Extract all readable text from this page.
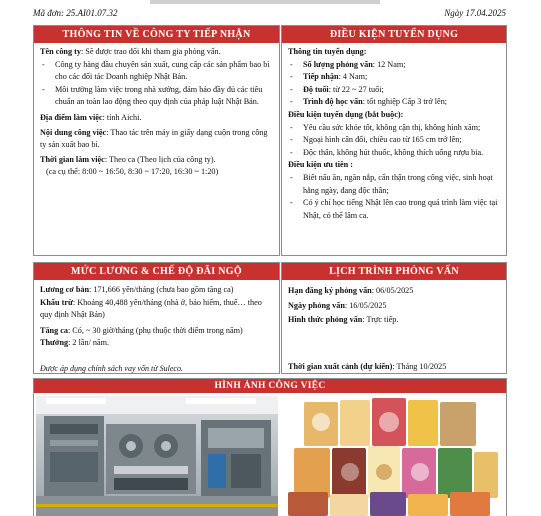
Mã đơn: 25.AI01.07.32	Ngày 17.04.2025
THÔNG TIN VỀ CÔNG TY TIẾP NHẬN

Tên công ty: Sẽ được trao đổi khi tham gia phỏng vấn.

- Công ty hàng đầu chuyên sản xuất, cung cấp các sản phẩm bao bì cho các đối tác Doanh nghiệp Nhật Bản.

- Môi trường làm việc trong nhà xưởng, đảm bảo đầy đủ các tiêu chuẩn an toàn lao động theo quy định của pháp luật Nhật Bản.

Địa điểm làm việc: tỉnh Aichi.

Nội dung công việc: Thao tác trên máy in giấy dạng cuộn trong công ty sản xuất bao bì.

Thời gian làm việc: Theo ca (Theo lịch của công ty).

(ca cụ thể: 8:00 ~ 16:50, 8:30 ~ 17:20, 16:30 ~ 1:20)

ĐIỀU KIỆN TUYỂN DỤNG

Thông tin tuyển dụng:

- Số lượng phỏng vấn: 12 Nam;

- Tiếp nhận: 4 Nam;

- Độ tuổi: từ 22 ~ 27 tuổi;

- Trình độ học vấn: tốt nghiệp Cấp 3 trở lên;

Điều kiện tuyển dụng (bắt buộc):

- Yêu cầu sức khỏe tốt, không cận thị, không hình xăm;

- Ngoại hình cân đối, chiều cao từ 165 cm trở lên;

- Độc thân, không hút thuốc, không thích uống rượu bia.

Điều kiện ưu tiên :

- Biết nấu ăn, ngăn nắp, cẩn thận trong công việc, sinh hoạt hằng ngày, đang độc thân;

- Có ý chí học tiếng Nhật lên cao trong quá trình làm việc tại Nhật, có thể lâm ca.

MỨC LƯƠNG & CHẾ ĐỘ ĐÃI NGỘ

Lương cơ bản: 171,666 yên/tháng (chưa bao gồm tăng ca)

Khấu trừ: Khoảng 40,488 yên/tháng (nhà ở, bảo hiểm, thuế… theo quy định Nhật Bản)

Tăng ca: Có, ~ 30 giờ/tháng (phụ thuộc thời điểm trong năm)

Thưởng: 2 lần/ năm.

Được áp dụng chính sách vay vốn từ Suleco.
LỊCH TRÌNH PHỎNG VẤN

Hạn đăng ký phỏng vấn: 06/05/2025

Ngày phỏng vấn: 16/05/2025

Hình thức phỏng vấn: Trực tiếp.

Thời gian xuất cảnh (dự kiến): Tháng 10/2025
HÌNH ẢNH CÔNG VIỆC
